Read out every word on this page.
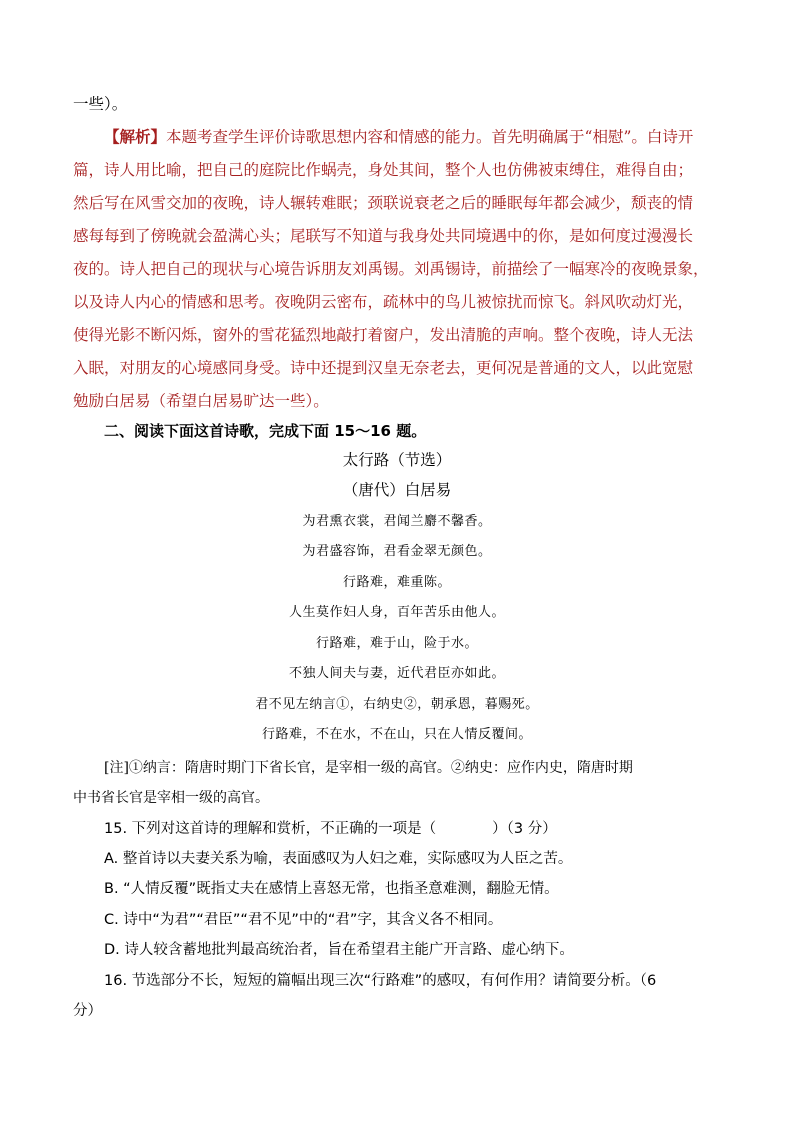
一些）。
【解析】本题考查学生评价诗歌思想内容和情感的能力。首先明确属于“相慰”。白诗开
篇，诗人用比喻，把自己的庭院比作蜗壳，身处其间，整个人也仿佛被束缚住，难得自由；
然后写在风雪交加的夜晚，诗人辗转难眠；颈联说衰老之后的睡眠每年都会减少，颓丧的情
感每每到了傍晚就会盈满心头；尾联写不知道与我身处共同境遇中的你，是如何度过漫漫长
夜的。诗人把自己的现状与心境告诉朋友刘禹锡。刘禹锡诗，前描绘了一幅寒冷的夜晚景象，
以及诗人内心的情感和思考。夜晚阴云密布，疏林中的鸟儿被惊扰而惊飞。斜风吹动灯光，
使得光影不断闪烁，窗外的雪花猛烈地敲打着窗户，发出清脆的声响。整个夜晚，诗人无法
入眠，对朋友的心境感同身受。诗中还提到汉皇无奈老去，更何况是普通的文人，以此宽慰
勉励白居易（希望白居易旷达一些）。
二、阅读下面这首诗歌，完成下面 15～16 题。
太行路（节选）
（唐代）白居易
为君熏衣裳，君闻兰麝不馨香。
为君盛容饰，君看金翠无颜色。
行路难，难重陈。
人生莫作妇人身，百年苦乐由他人。
行路难，难于山，险于水。
不独人间夫与妻，近代君臣亦如此。
君不见左纳言①，右纳史②，朝承恩，暮赐死。
行路难，不在水，不在山，只在人情反覆间。
[注]①纳言：隋唐时期门下省长官，是宰相一级的高官。②纳史：应作内史，隋唐时期
中书省长官是宰相一级的高官。
15. 下列对这首诗的理解和赏析，不正确的一项是（	）（3 分）
A. 整首诗以夫妻关系为喻，表面感叹为人妇之难，实际感叹为人臣之苦。
B. “人情反覆”既指丈夫在感情上喜怒无常，也指圣意难测，翻脸无情。
C. 诗中“为君”“君臣”“君不见”中的“君”字，其含义各不相同。
D. 诗人较含蓄地批判最高统治者，旨在希望君主能广开言路、虚心纳下。
16. 节选部分不长，短短的篇幅出现三次“行路难”的感叹，有何作用？请简要分析。（6
分）
